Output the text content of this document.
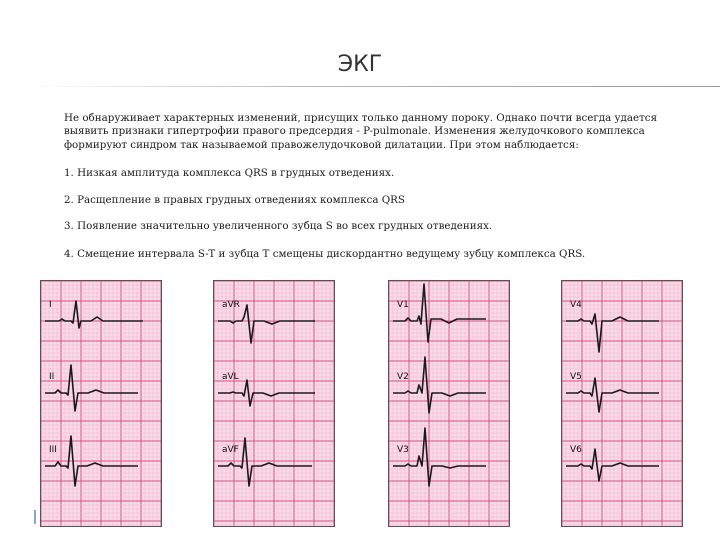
ЭКГ
Не обнаруживает характерных изменений, присущих только данному пороку. Однако почти всегда удается выявить признаки гипертрофии правого предсердия - P-pulmonale. Изменения желудочкового комплекса формируют синдром так называемой правожелудочковой дилатации. При этом наблюдается:
1. Низкая амплитуда комплекса QRS в грудных отведениях.
2. Расщепление в правых грудных отведениях комплекса QRS
3. Появление значительно увеличенного зубца S во всех грудных отведениях.
4. Смещение интервала S-T и зубца T смещены дискордантно ведущему зубцу комплекса QRS.
I
II
III
aVR
aVL
aVF
V1
V2
V3
V4
V5
V6
